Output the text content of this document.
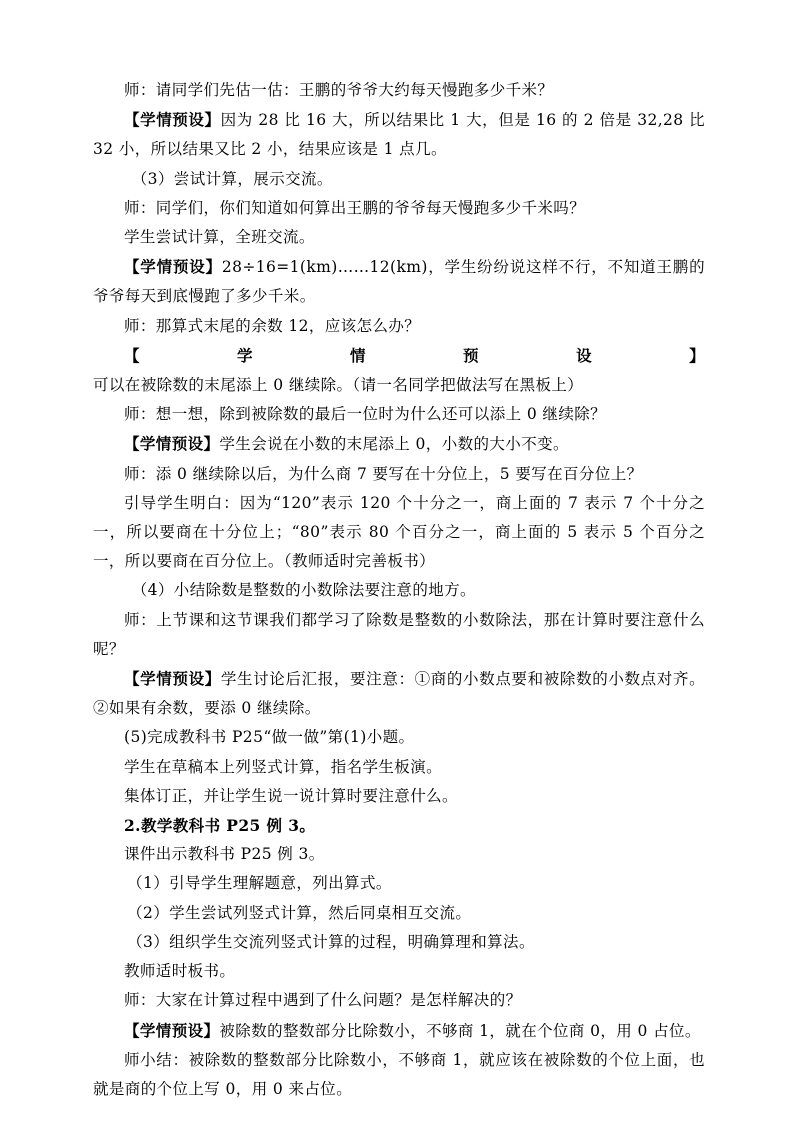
师：请同学们先估一估：王鹏的爷爷大约每天慢跑多少千米？

【学情预设】因为 28 比 16 大，所以结果比 1 大，但是 16 的 2 倍是 32,28 比 32 小，所以结果又比 2 小，结果应该是 1 点几。

（3）尝试计算，展示交流。

师：同学们，你们知道如何算出王鹏的爷爷每天慢跑多少千米吗？

学生尝试计算，全班交流。

【学情预设】28÷16=1(km)……12(km)，学生纷纷说这样不行，不知道王鹏的爷爷每天到底慢跑了多少千米。

师：那算式末尾的余数 12，应该怎么办？

【学情预设】可以在被除数的末尾添上 0 继续除。（请一名同学把做法写在黑板上）

师：想一想，除到被除数的最后一位时为什么还可以添上 0 继续除？

【学情预设】学生会说在小数的末尾添上 0，小数的大小不变。

师：添 0 继续除以后，为什么商 7 要写在十分位上，5 要写在百分位上？

引导学生明白：因为“120”表示 120 个十分之一，商上面的 7 表示 7 个十分之一，所以要商在十分位上；“80”表示 80 个百分之一，商上面的 5 表示 5 个百分之一，所以要商在百分位上。（教师适时完善板书）

（4）小结除数是整数的小数除法要注意的地方。

师：上节课和这节课我们都学习了除数是整数的小数除法，那在计算时要注意什么呢？

【学情预设】学生讨论后汇报，要注意：①商的小数点要和被除数的小数点对齐。②如果有余数，要添 0 继续除。

(5)完成教科书 P25“做一做”第(1)小题。

学生在草稿本上列竖式计算，指名学生板演。

集体订正，并让学生说一说计算时要注意什么。

2.教学教科书 P25 例 3。

课件出示教科书 P25 例 3。

（1）引导学生理解题意，列出算式。

（2）学生尝试列竖式计算，然后同桌相互交流。

（3）组织学生交流列竖式计算的过程，明确算理和算法。

教师适时板书。

师：大家在计算过程中遇到了什么问题？是怎样解决的？

【学情预设】被除数的整数部分比除数小，不够商 1，就在个位商 0，用 0 占位。

师小结：被除数的整数部分比除数小，不够商 1，就应该在被除数的个位上面，也就是商的个位上写 0，用 0 来占位。
